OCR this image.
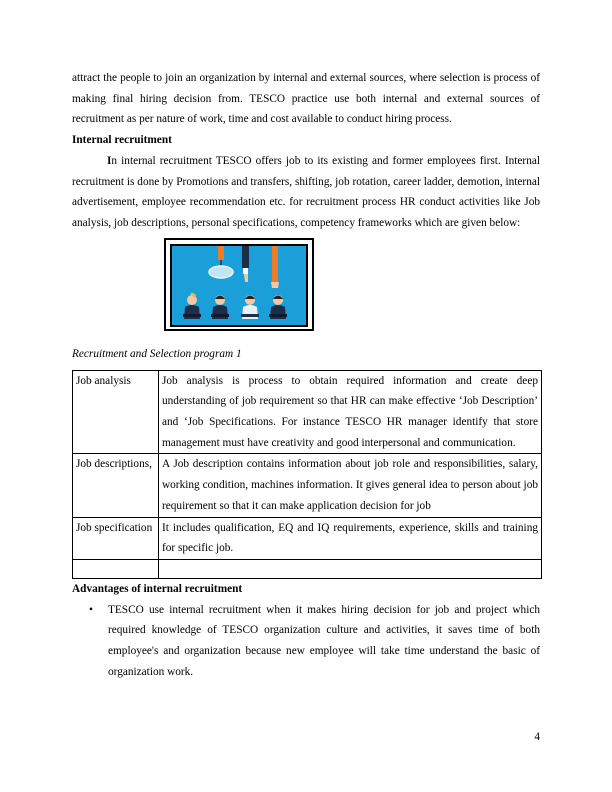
attract the people to join an organization by internal and external sources, where selection is process of making final hiring decision from. TESCO practice use both internal and external sources of recruitment as per nature of work, time and cost available to conduct hiring process.

Internal recruitment

In internal recruitment TESCO offers job to its existing and former employees first. Internal recruitment is done by Promotions and transfers, shifting, job rotation, career ladder, demotion, internal advertisement, employee recommendation etc. for recruitment process HR conduct activities like Job analysis, job descriptions, personal specifications, competency frameworks which are given below:

Recruitment and Selection program 1

Job analysis	Job analysis is process to obtain required information and create deep understanding of job requirement so that HR can make effective ‘Job Description’ and ‘Job Specifications. For instance TESCO HR manager identify that store management must have creativity and good interpersonal and communication.
Job descriptions,	A Job description contains information about job role and responsibilities, salary, working condition, machines information. It gives general idea to person about job requirement so that it can make application decision for job
Job specification	It includes qualification, EQ and IQ requirements, experience, skills and training for specific job.

Advantages of internal recruitment
• TESCO use internal recruitment when it makes hiring decision for job and project which required knowledge of TESCO organization culture and activities, it saves time of both employee's and organization because new employee will take time understand the basic of organization work.
4
